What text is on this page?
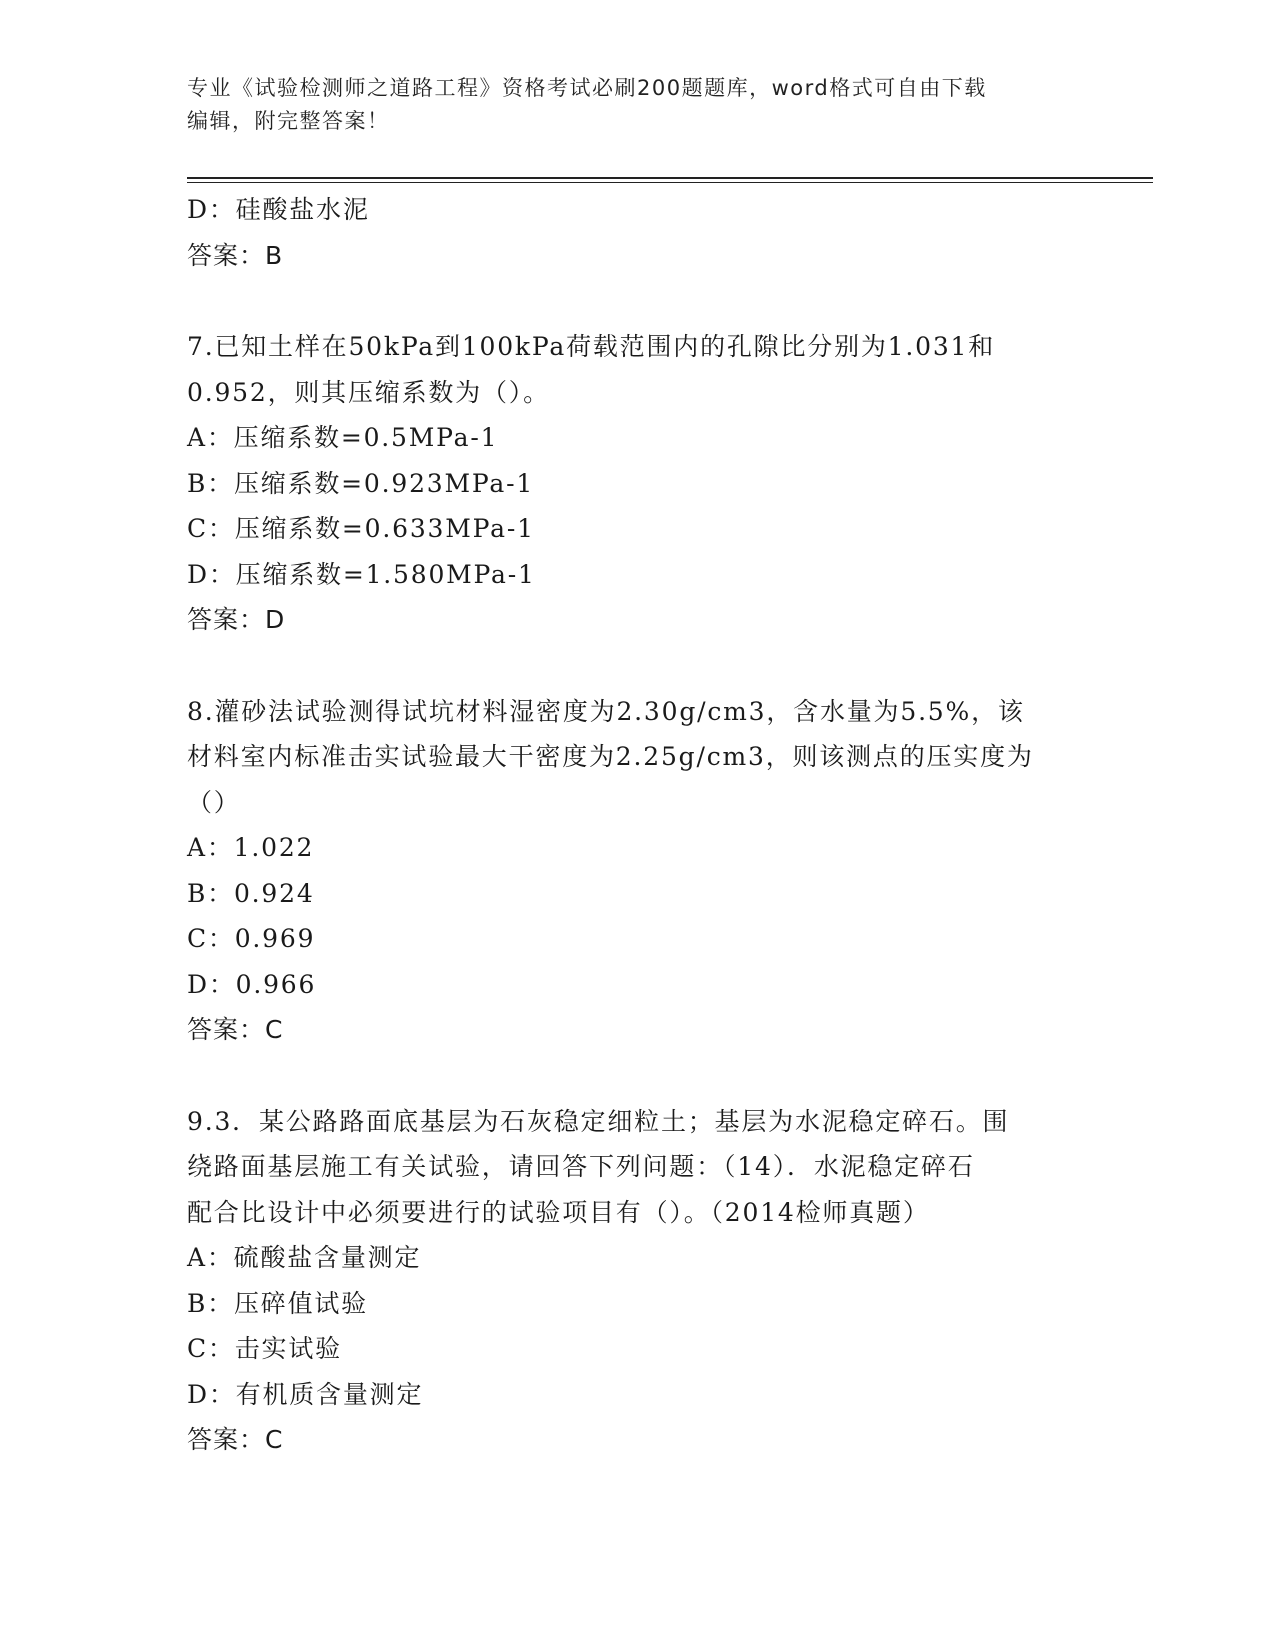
专业《试验检测师之道路工程》资格考试必刷200题题库，word格式可自由下载
编辑，附完整答案！
D：硅酸盐水泥
答案：B
7.已知土样在50kPa到100kPa荷载范围内的孔隙比分别为1.031和
0.952，则其压缩系数为（）。
A：压缩系数=0.5MPa-1
B：压缩系数=0.923MPa-1
C：压缩系数=0.633MPa-1
D：压缩系数=1.580MPa-1
答案：D
8.灌砂法试验测得试坑材料湿密度为2.30g/cm3，含水量为5.5%，该
材料室内标准击实试验最大干密度为2.25g/cm3，则该测点的压实度为
（）
A：1.022
B：0.924
C：0.969
D：0.966
答案：C
9.3．某公路路面底基层为石灰稳定细粒土；基层为水泥稳定碎石。围
绕路面基层施工有关试验，请回答下列问题：（14）．水泥稳定碎石
配合比设计中必须要进行的试验项目有（）。（2014检师真题）
A：硫酸盐含量测定
B：压碎值试验
C：击实试验
D：有机质含量测定
答案：C
